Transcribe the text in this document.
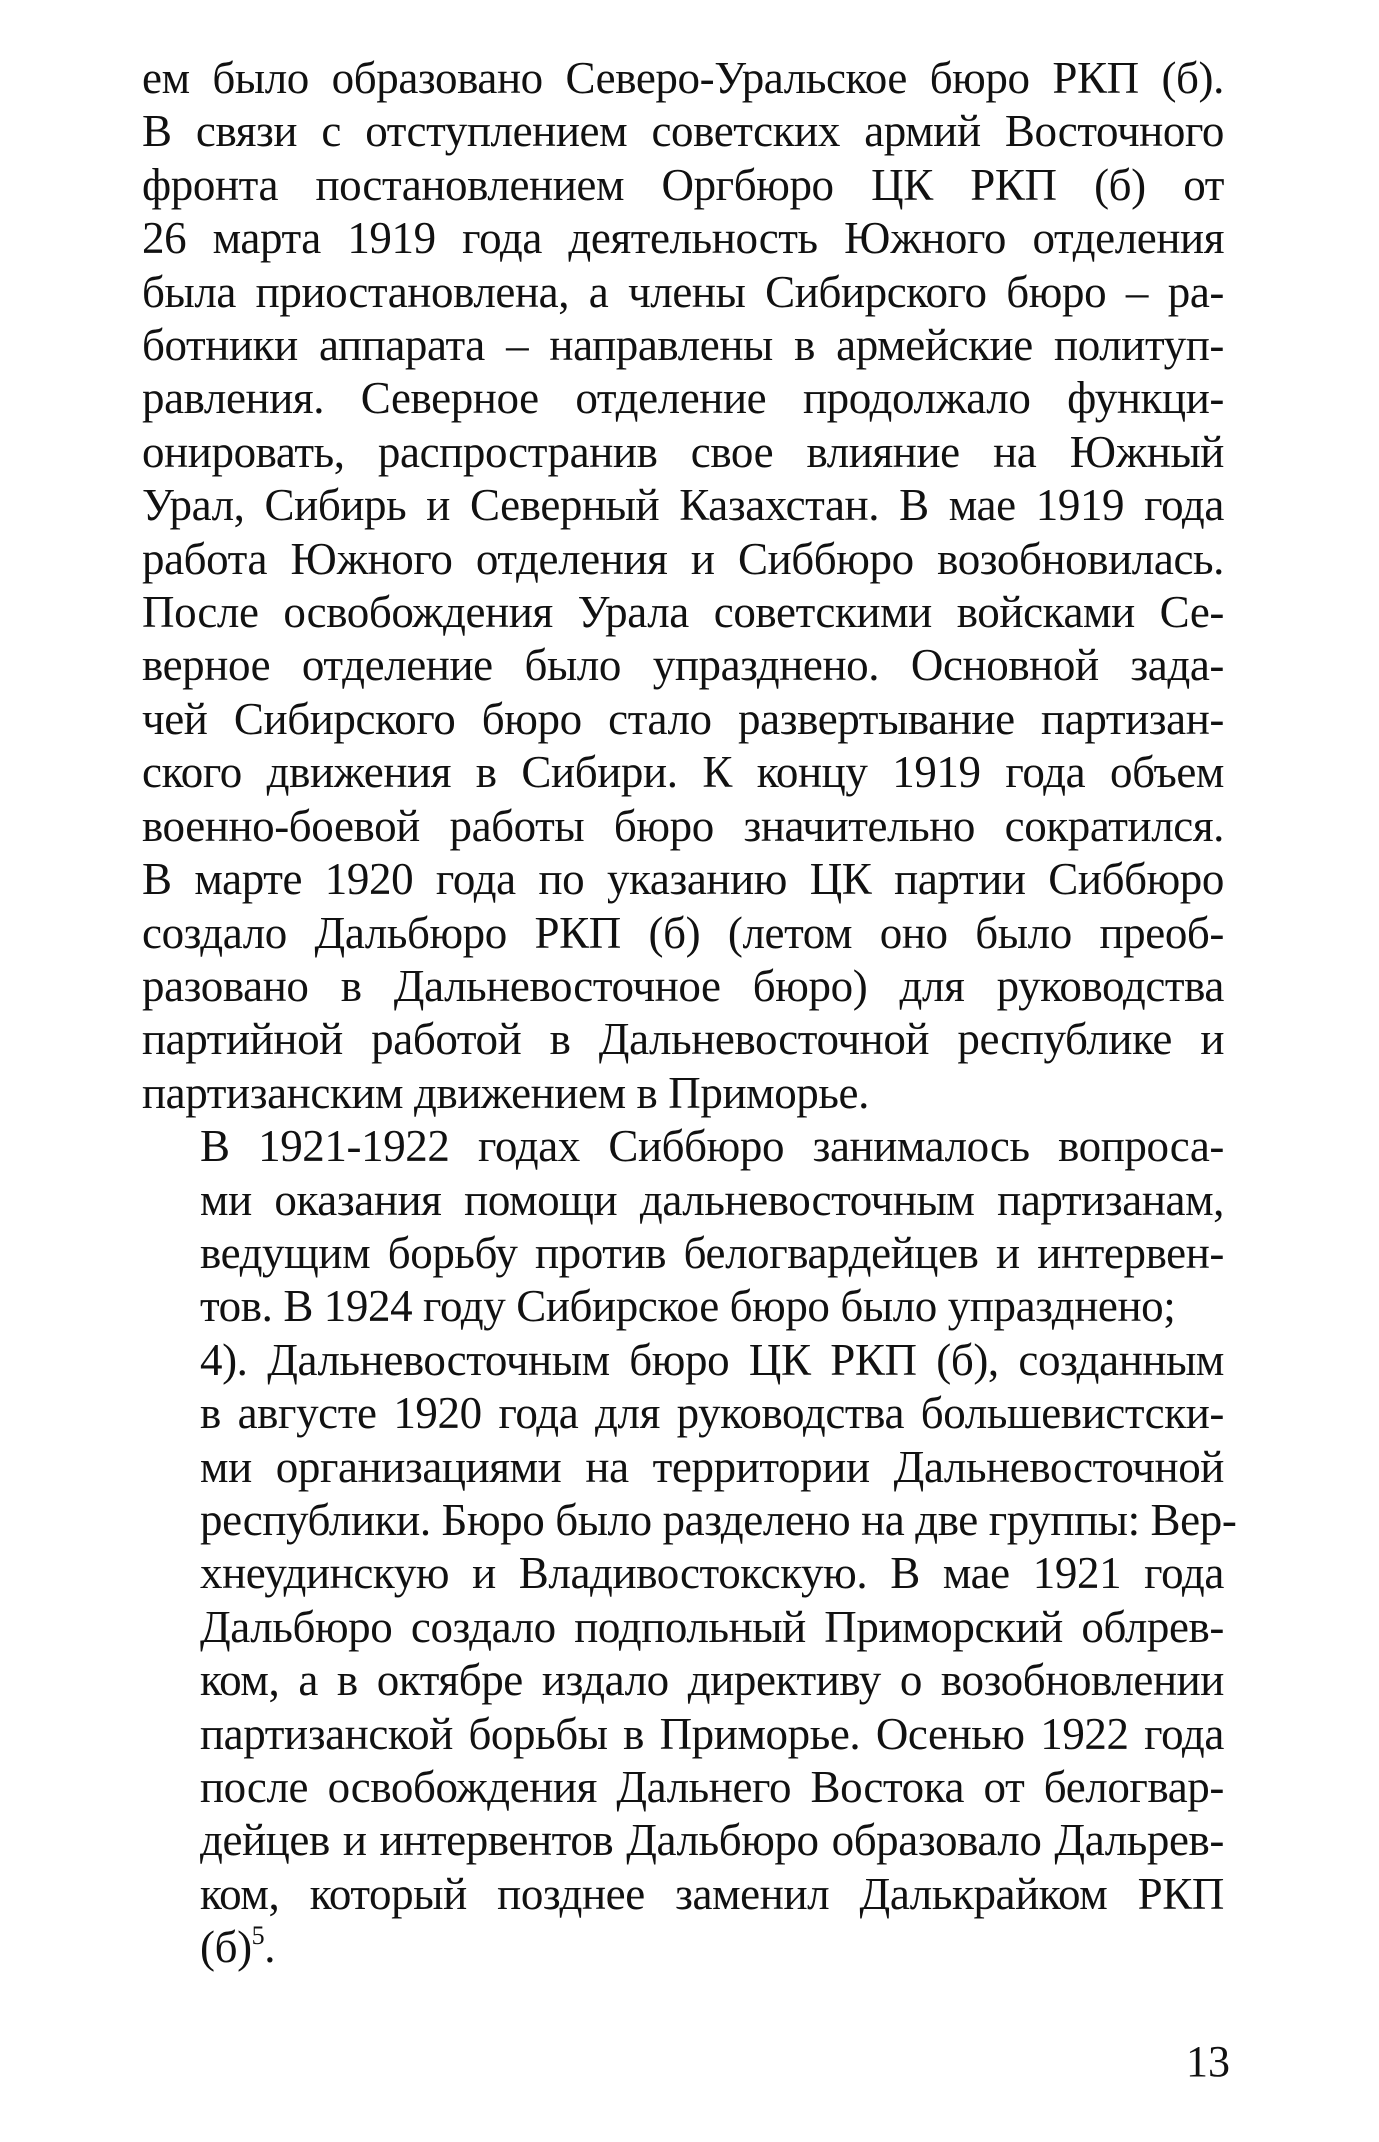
ем было образовано Северо-Уральское бюро РКП (б).
В связи с отступлением советских армий Восточного
фронта постановлением Оргбюро ЦК РКП (б) от
26 марта 1919 года деятельность Южного отделения
была приостановлена, а члены Сибирского бюро – ра-
ботники аппарата – направлены в армейские политуп-
равления. Северное отделение продолжало функци-
онировать, распространив свое влияние на Южный
Урал, Сибирь и Северный Казахстан. В мае 1919 года
работа Южного отделения и Сиббюро возобновилась.
После освобождения Урала советскими войсками Се-
верное отделение было упразднено. Основной зада-
чей Сибирского бюро стало развертывание партизан-
ского движения в Сибири. К концу 1919 года объем
военно-боевой работы бюро значительно сократился.
В марте 1920 года по указанию ЦК партии Сиббюро
создало Дальбюро РКП (б) (летом оно было преоб-
разовано в Дальневосточное бюро) для руководства
партийной работой в Дальневосточной республике и
партизанским движением в Приморье.

В 1921-1922 годах Сиббюро занималось вопроса-
ми оказания помощи дальневосточным партизанам,
ведущим борьбу против белогвардейцев и интервен-
тов. В 1924 году Сибирское бюро было упразднено;

4). Дальневосточным бюро ЦК РКП (б), созданным
в августе 1920 года для руководства большевистски-
ми организациями на территории Дальневосточной
республики. Бюро было разделено на две группы: Вер-
хнеудинскую и Владивостокскую. В мае 1921 года
Дальбюро создало подпольный Приморский облрев-
ком, а в октябре издало директиву о возобновлении
партизанской борьбы в Приморье. Осенью 1922 года
после освобождения Дальнего Востока от белогвар-
дейцев и интервентов Дальбюро образовало Дальрев-
ком, который позднее заменил Далькрайком РКП
$(б)^5$.

13
